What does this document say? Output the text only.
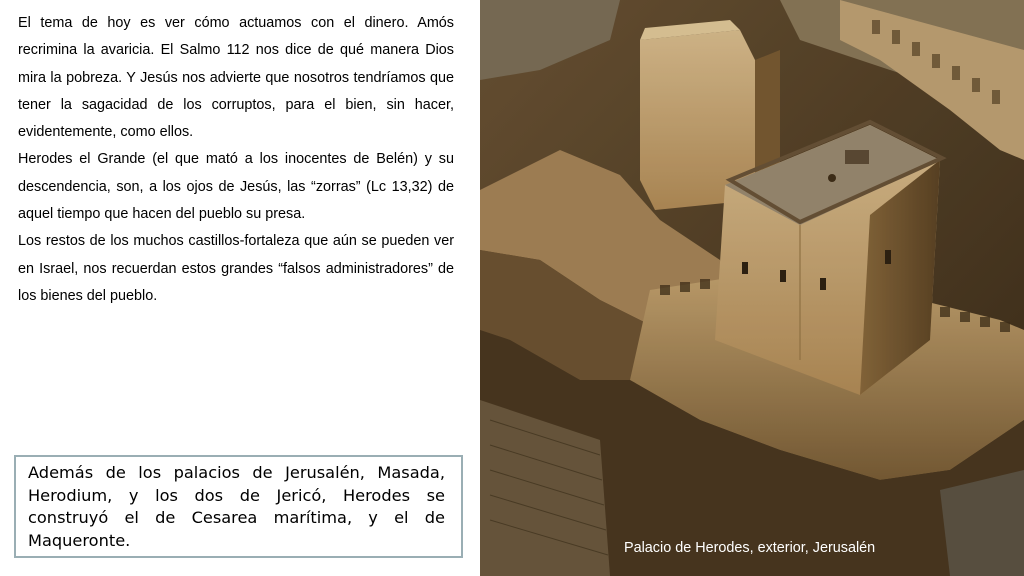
El tema de hoy es ver cómo actuamos con el dinero. Amós recrimina la avaricia. El Salmo 112 nos dice de qué manera Dios mira la pobreza. Y Jesús nos advierte que nosotros tendríamos que tener la sagacidad de los corruptos, para el bien, sin hacer, evidentemente, como ellos.

Herodes el Grande (el que mató a los inocentes de Belén) y su descendencia, son, a los ojos de Jesús, las “zorras” (Lc 13,32) de aquel tiempo que hacen del pueblo su presa.

Los restos de los muchos castillos-fortaleza que aún se pueden ver en Israel, nos recuerdan estos grandes “falsos administradores” de los bienes del pueblo.

Además de los palacios de Jerusalén, Masada, Herodium, y los dos de Jericó, Herodes se construyó el de Cesarea marítima, y el de Maqueronte.	Palacio de Herodes, exterior, Jerusalén
